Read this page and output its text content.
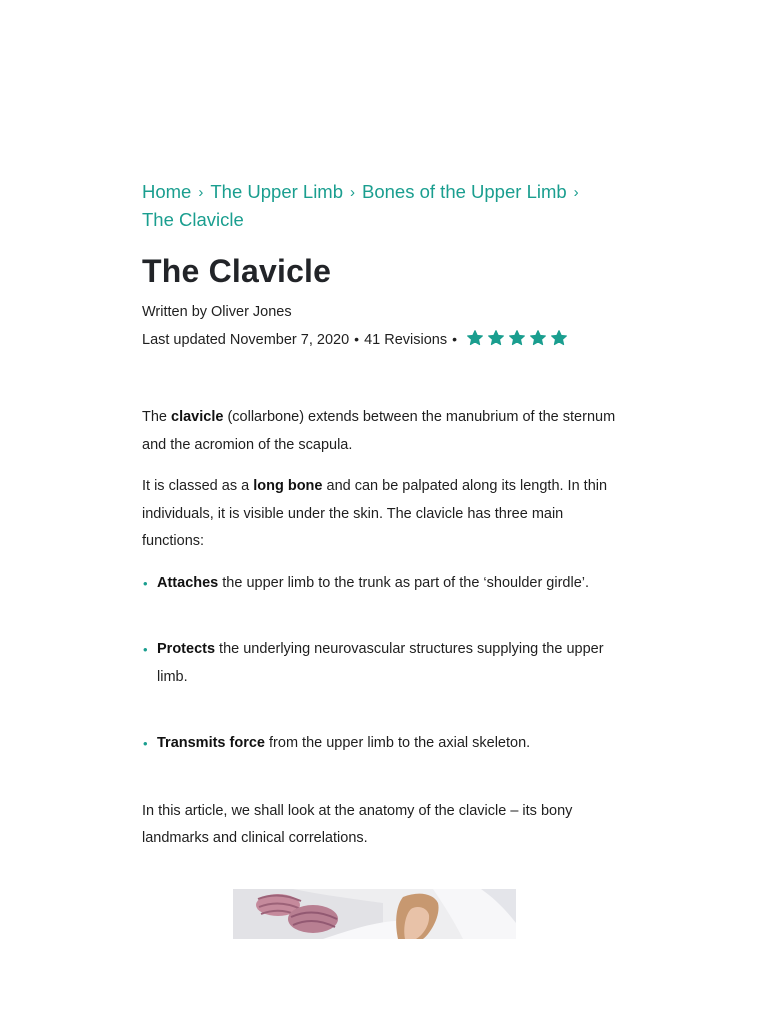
Home › The Upper Limb › Bones of the Upper Limb ›
The Clavicle
The Clavicle
Written by Oliver Jones
Last updated November 7, 2020 • 41 Revisions •

The clavicle (collarbone) extends between the manubrium of the sternum and the acromion of the scapula.

It is classed as a long bone and can be palpated along its length. In thin individuals, it is visible under the skin. The clavicle has three main functions:

• Attaches the upper limb to the trunk as part of the ‘shoulder girdle’.
• Protects the underlying neurovascular structures supplying the upper limb.
• Transmits force from the upper limb to the axial skeleton.

In this article, we shall look at the anatomy of the clavicle – its bony landmarks and clinical correlations.
